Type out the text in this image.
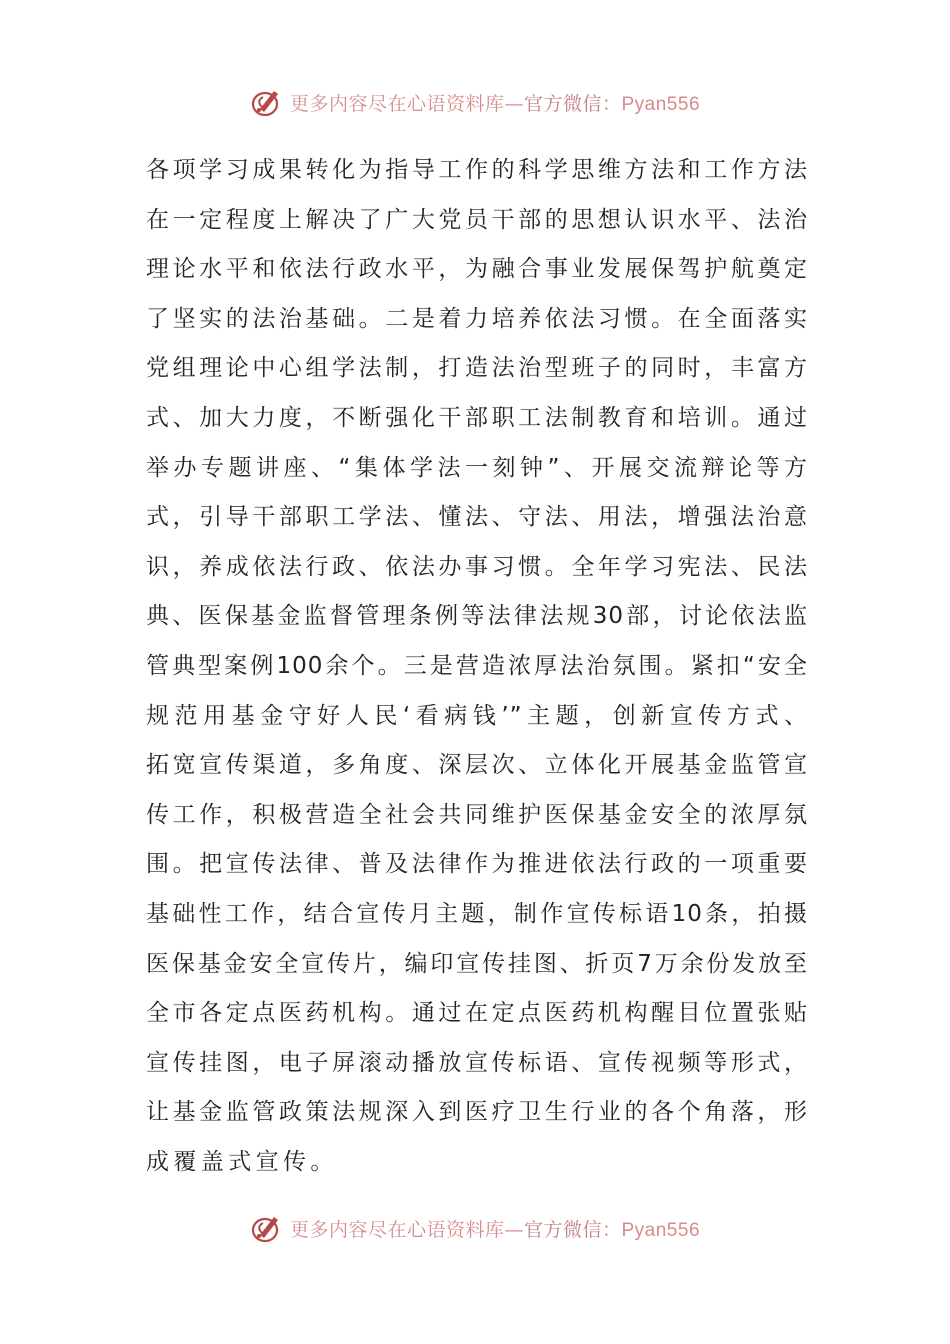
更多内容尽在心语资料库—官方微信：Pyan556
各项学习成果转化为指导工作的科学思维方法和工作方法
在一定程度上解决了广大党员干部的思想认识水平、法治
理论水平和依法行政水平，为融合事业发展保驾护航奠定
了坚实的法治基础。二是着力培养依法习惯。在全面落实
党组理论中心组学法制，打造法治型班子的同时，丰富方
式、加大力度，不断强化干部职工法制教育和培训。通过
举办专题讲座、“集体学法一刻钟”、开展交流辩论等方
式，引导干部职工学法、懂法、守法、用法，增强法治意
识，养成依法行政、依法办事习惯。全年学习宪法、民法
典、医保基金监督管理条例等法律法规30部，讨论依法监
管典型案例100余个。三是营造浓厚法治氛围。紧扣“安全
规范用基金守好人民‘看病钱’”主题，创新宣传方式、
拓宽宣传渠道，多角度、深层次、立体化开展基金监管宣
传工作，积极营造全社会共同维护医保基金安全的浓厚氛
围。把宣传法律、普及法律作为推进依法行政的一项重要
基础性工作，结合宣传月主题，制作宣传标语10条，拍摄
医保基金安全宣传片，编印宣传挂图、折页7万余份发放至
全市各定点医药机构。通过在定点医药机构醒目位置张贴
宣传挂图，电子屏滚动播放宣传标语、宣传视频等形式，
让基金监管政策法规深入到医疗卫生行业的各个角落，形
成覆盖式宣传。
更多内容尽在心语资料库—官方微信：Pyan556
